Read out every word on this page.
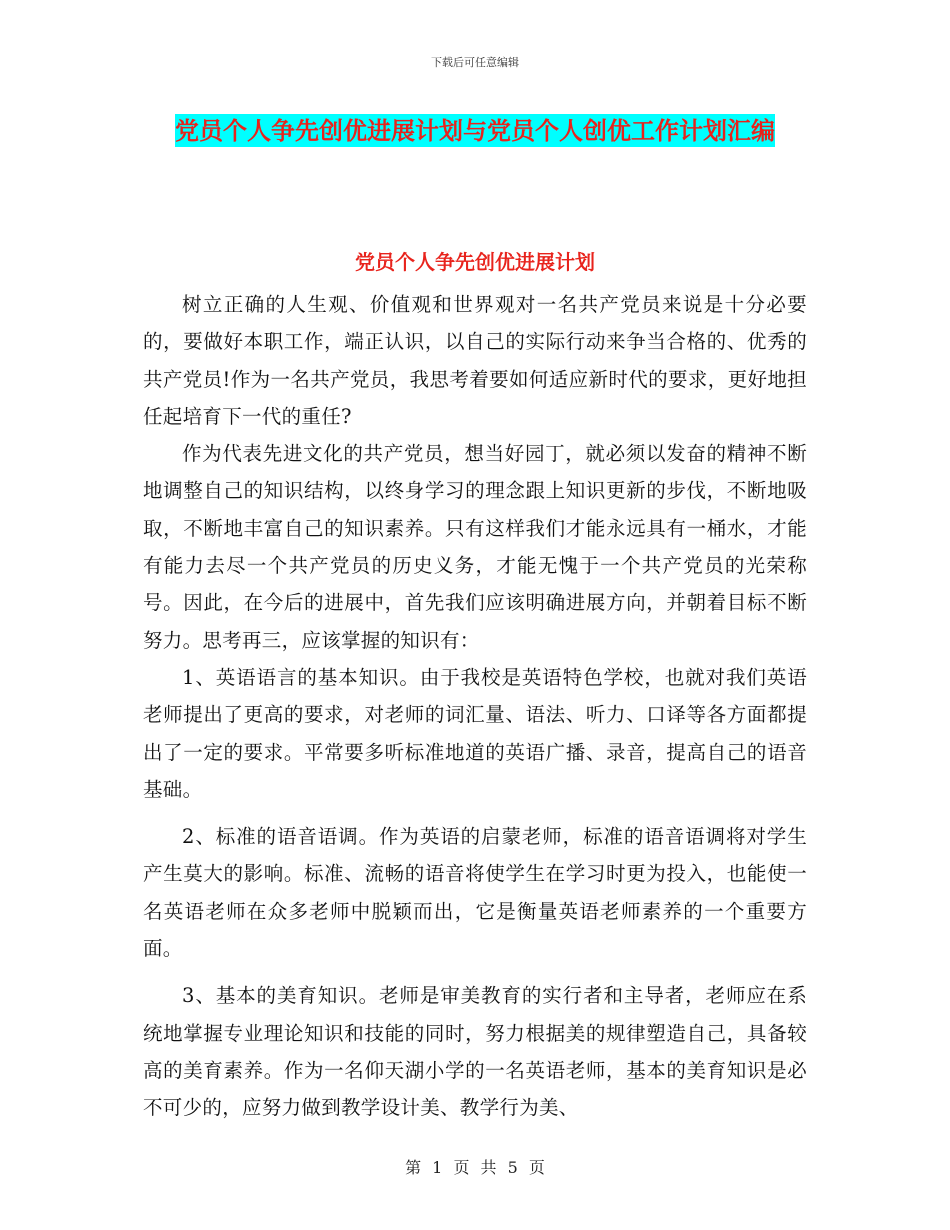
下载后可任意编辑
党员个人争先创优进展计划与党员个人创优工作计划汇编
党员个人争先创优进展计划

树立正确的人生观、价值观和世界观对一名共产党员来说是十分必要的，要做好本职工作，端正认识，以自己的实际行动来争当合格的、优秀的共产党员!作为一名共产党员，我思考着要如何适应新时代的要求，更好地担任起培育下一代的重任?

作为代表先进文化的共产党员，想当好园丁，就必须以发奋的精神不断地调整自己的知识结构，以终身学习的理念跟上知识更新的步伐，不断地吸取，不断地丰富自己的知识素养。只有这样我们才能永远具有一桶水，才能有能力去尽一个共产党员的历史义务，才能无愧于一个共产党员的光荣称号。因此，在今后的进展中，首先我们应该明确进展方向，并朝着目标不断努力。思考再三，应该掌握的知识有：

1、英语语言的基本知识。由于我校是英语特色学校，也就对我们英语老师提出了更高的要求，对老师的词汇量、语法、听力、口译等各方面都提出了一定的要求。平常要多听标准地道的英语广播、录音，提高自己的语音基础。

2、标准的语音语调。作为英语的启蒙老师，标准的语音语调将对学生产生莫大的影响。标准、流畅的语音将使学生在学习时更为投入，也能使一名英语老师在众多老师中脱颖而出，它是衡量英语老师素养的一个重要方面。

3、基本的美育知识。老师是审美教育的实行者和主导者，老师应在系统地掌握专业理论知识和技能的同时，努力根据美的规律塑造自己，具备较高的美育素养。作为一名仰天湖小学的一名英语老师，基本的美育知识是必不可少的，应努力做到教学设计美、教学行为美、

第 1 页 共 5 页
